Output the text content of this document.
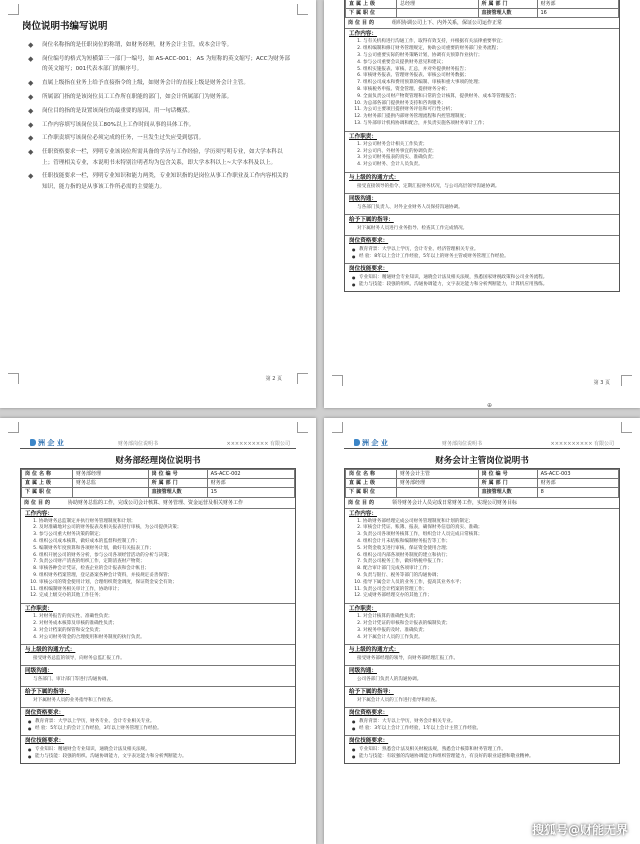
岗位说明书编写说明
◆ 岗位名称指的是任职岗位的称谓，如财务经理，财务会计主管，成本会计等。
◆ 岗位编号的格式为短横第三一部门一编号，如 AS-ACC-001； AS 为短称的英文缩写；ACC为财务部的英文缩写；001代表本部门的顺序号。
◆ 直属上级指在业务上给予直接指令的上级，如财务会计的直接上级是财务会计主管。
◆ 所属部门指的是该岗位员工工作所在职能的部门，如会计所属部门为财务部。
◆ 岗位目的指的是设置该岗位的最重要的原因，用一句话概括。
◆ 工作内容填写该岗位员工80%以上工作时间从事的具体工作。
◆ 工作职责填写该岗位必须完成的任务，一旦发生过失应受到惩罚。
◆ 任职资格要求一栏，列明专业该岗位所需具备的学历与工作经验，学历须写明专业，如大学本科以上；管理相关专业，本说明书未特别注明者均为包含关系，即大学本科以上~大学本科及以上。
◆ 任职技能要求一栏，列明专业知识和能力两类，专业知识指的是岗位从事工作职业及工作内容相关的知识，能力指的是从事该工作所必需的主要能力。
第 2 页
直属上级	总经理	所属部门	财务部
下属职位		直接管理人数	16
岗位目的	组织协调公司上下、内外关系，保证公司运作正常
工作内容：
1. 与有关机构进行沟通工作，取得有效支持，并根据有关法律重要事宜；
2. 组织编制和修订财务管理规定，协助公司重要的财务部门业务流程；
3. 与公司重要实际的财务策略计划，协调有关预算作业执行；
4. 参与公司重要会议提供财务意见和建议；
5. 组织实施报表、审核、汇总，并对外提供财务报告；
6. 审核财务报表、管理财务报表、审核公司财务数据；
7. 组织公司成本和费用预算的编制、审核和重大事项的处理；
8. 审核税务申报、资金管理、提供财务分析；
9. 全面负责公司财产物资管理和日常的会计核算，提供财务、成本等管理报告；
10. 为总部各部门提供财务支持和咨询服务；
11. 为公司主要项目提供财务评估和可行性分析；
12. 为财务部门提供内部财务管理流程和内控管理制度；
13. 与外部审计机构协调和配合，并负责实施各项财务审计工作；
工作职责：
1. 对公司财务会计相关工作负责；
2. 对公司内、外财务事宜的协调负责；
3. 对公司财务报表的真实、准确负责；
4. 对公司财务、会计人员负责。
与上级的沟通方式：
接受直接领导的指令、定期汇报财务状况，与公司高层领导沟通协调。
同级沟通：
与各部门负责人、对外企业财务人员保持沟通协调。
给予下属的指导：
对下属财务人员进行业务指导、检查其工作完成情况。
岗位资格要求：
● 教育背景：大学以上学历，会计专业、经济管理相关专业。
● 经 验：8年以上会计工作经验，5年以上的财务主管或财务管理工作经验。
岗位技能要求：
● 专业知识：精通财会专业知识，通晓会计法及相关法规，熟悉国家财税政策和公司业务流程。
● 能力与技能：较强的组织、沟通协调能力，文字表达能力和分析判断能力，计算机应用熟练。
第 3 页
洲 企 业	财务部岗位说明书	×××××××××× 有限公司
财务部经理岗位说明书
岗位名称	财务部经理	岗位编号	AS-ACC-002
直属上级	财务总监	所属部门	财务部
下属职位		直接管理人数	15
岗位目的	协助财务总监的工作，完成公司会计核算、财务管理、资金运营及相关财务工作
工作内容：
1. 协助财务总监制定并执行财务管理制度和计划；
2. 及时准确地对公司的财务报表及相关报表进行审核，为公司提供决策；
3. 参与公司重大财务决策的制定；
4. 组织公司成本核算，做好成本的监督和控制工作；
5. 编制财务年度预算和各项财务计划，做好有关报表工作；
6. 组织开展公司的财务分析，参与公司各项经营活动的分析与决策；
7. 负责公司财产清查的组织工作，定期清查财产物资；
8. 审核各种会计凭证，检查企业的会计报表和会计帐目；
9. 组织财务档案管理，登记备案各种会计资料，并按规定妥善保管；
10. 审核公司的资金使用计划，合理组织资金调度，保证资金安全有效；
11. 组织编制财务相关审计工作，协助审计；
12. 完成上级交办的其他工作任务；
工作职责：
1. 对财务报告的真实性、准确性负责；
2. 对财务成本核算及审核的准确性负责；
3. 对会计档案的保管和安全负责；
4. 对公司财务资金的合理使用和财务制度的执行负责。
与上级的沟通方式：
接受财务总监的领导，向财务总监汇报工作。
同级沟通：
与各部门、审计部门等进行沟通协调。
给予下属的指导：
对下属财务人员的业务指导和工作检查。
岗位资格要求：
● 教育背景：大学以上学历，财务专业、会计专业相关专业。
● 经 验：5年以上的会计工作经验，3年以上财务管理工作经验。
岗位技能要求：
● 专业知识：精通财会专业知识，通晓会计法及相关法规。
● 能力与技能：较强的组织、沟通协调能力，文字表达能力和分析判断能力。
洲 企 业	财务部岗位说明书	×××××××××× 有限公司
财务会计主管岗位说明书
岗位名称	财务会计主管	岗位编号	AS-ACC-003
直属上级	财务部经理	所属部门	财务部
下属职位		直接管理人数	8
岗位目的	领导财务会计人员完成日常财务工作，实现公司财务目标
工作内容：
1. 协助财务部经理完成公司财务管理制度和计划的制定；
2. 审核会计凭证、账簿、报表，确保财务信息的真实、准确；
3. 负责公司各项财务核算工作，组织会计人员完成日常核算；
4. 组织会计月末结账和编制财务报告等工作；
5. 对资金收支进行审核，保证资金使用合理；
6. 组织公司内部各项财务制度的建立和执行；
7. 负责公司税务工作，做好纳税申报工作；
8. 配合审计部门完成各项审计工作；
9. 负责与银行、税务等部门的沟通协调；
10. 指导下属会计人员的业务工作，提高其业务水平；
11. 负责公司会计档案的管理工作；
12. 完成财务部经理交办的其他工作；
工作职责：
1. 对会计核算的准确性负责；
2. 对会计凭证的审核和会计报表的编制负责；
3. 对税务申报的及时、准确负责；
4. 对下属会计人员的工作负责。
与上级的沟通方式：
接受财务部经理的领导，向财务部经理汇报工作。
同级沟通：
公司各部门负责人的沟通协调。
给予下属的指导：
对下属会计人员的工作进行指导和检查。
岗位资格要求：
● 教育背景：大专以上学历，财务会计相关专业。
● 经 验：3年以上会计工作经验，1年以上会计主管工作经验。
岗位技能要求：
● 专业知识：熟悉会计法及相关财税法规，熟悉会计核算和财务管理工作。
● 能力与技能：有较强的沟通协调能力和组织管理能力，有良好的职业道德和敬业精神。
搜狐号@财能无界
⊕
